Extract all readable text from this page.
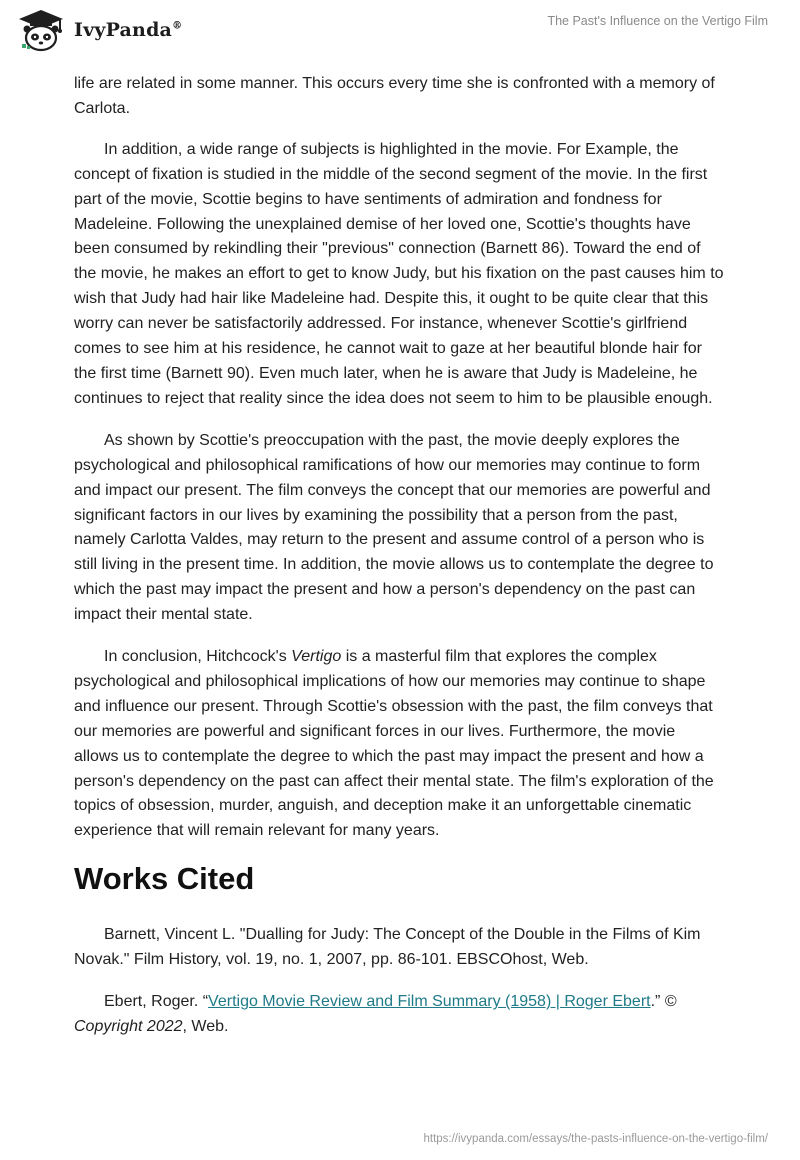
IvyPanda®	The Past's Influence on the Vertigo Film

life are related in some manner. This occurs every time she is confronted with a memory of Carlota.

In addition, a wide range of subjects is highlighted in the movie. For Example, the concept of fixation is studied in the middle of the second segment of the movie. In the first part of the movie, Scottie begins to have sentiments of admiration and fondness for Madeleine. Following the unexplained demise of her loved one, Scottie's thoughts have been consumed by rekindling their "previous" connection (Barnett 86). Toward the end of the movie, he makes an effort to get to know Judy, but his fixation on the past causes him to wish that Judy had hair like Madeleine had. Despite this, it ought to be quite clear that this worry can never be satisfactorily addressed. For instance, whenever Scottie's girlfriend comes to see him at his residence, he cannot wait to gaze at her beautiful blonde hair for the first time (Barnett 90). Even much later, when he is aware that Judy is Madeleine, he continues to reject that reality since the idea does not seem to him to be plausible enough.

As shown by Scottie's preoccupation with the past, the movie deeply explores the psychological and philosophical ramifications of how our memories may continue to form and impact our present. The film conveys the concept that our memories are powerful and significant factors in our lives by examining the possibility that a person from the past, namely Carlotta Valdes, may return to the present and assume control of a person who is still living in the present time. In addition, the movie allows us to contemplate the degree to which the past may impact the present and how a person's dependency on the past can impact their mental state.

In conclusion, Hitchcock's Vertigo is a masterful film that explores the complex psychological and philosophical implications of how our memories may continue to shape and influence our present. Through Scottie's obsession with the past, the film conveys that our memories are powerful and significant forces in our lives. Furthermore, the movie allows us to contemplate the degree to which the past may impact the present and how a person's dependency on the past can affect their mental state. The film's exploration of the topics of obsession, murder, anguish, and deception make it an unforgettable cinematic experience that will remain relevant for many years.

Works Cited

Barnett, Vincent L. "Dualling for Judy: The Concept of the Double in the Films of Kim Novak." Film History, vol. 19, no. 1, 2007, pp. 86-101. EBSCOhost, Web.

Ebert, Roger. “Vertigo Movie Review and Film Summary (1958) | Roger Ebert.” © Copyright 2022, Web.

https://ivypanda.com/essays/the-pasts-influence-on-the-vertigo-film/
